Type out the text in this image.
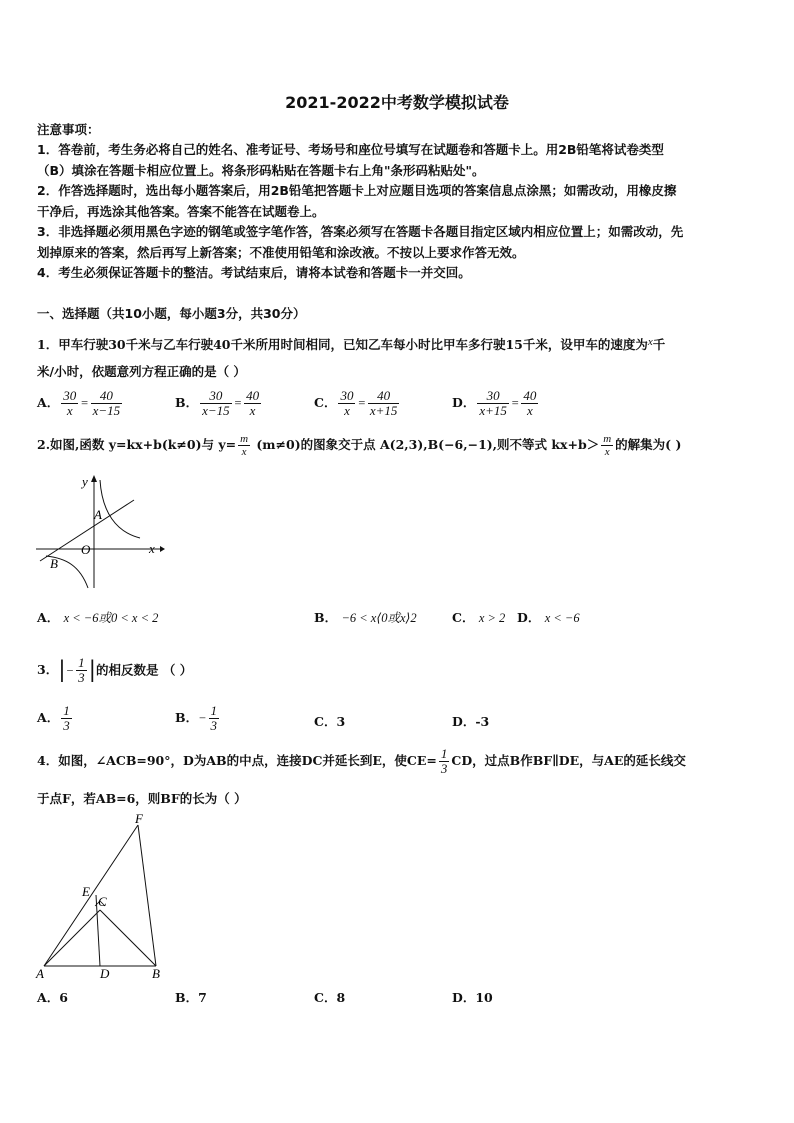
2021-2022中考数学模拟试卷
注意事项：
1．答卷前，考生务必将自己的姓名、准考证号、考场号和座位号填写在试题卷和答题卡上。用2B铅笔将试卷类型
（B）填涂在答题卡相应位置上。将条形码粘贴在答题卡右上角"条形码粘贴处"。
2．作答选择题时，选出每小题答案后，用2B铅笔把答题卡上对应题目选项的答案信息点涂黑；如需改动，用橡皮擦
干净后，再选涂其他答案。答案不能答在试题卷上。
3．非选择题必须用黑色字迹的钢笔或签字笔作答，答案必须写在答题卡各题目指定区域内相应位置上；如需改动，先
划掉原来的答案，然后再写上新答案；不准使用铅笔和涂改液。不按以上要求作答无效。
4．考生必须保证答题卡的整洁。考试结束后，请将本试卷和答题卡一并交回。
一、选择题（共10小题，每小题3分，共30分）
1．甲车行驶30千米与乙车行驶40千米所用时间相同，已知乙车每小时比甲车多行驶15千米，设甲车的速度为x千
米/小时，依题意列方程正确的是（ ）
A． $\frac{30}{x} = \frac{40}{x-15}$	B． $\frac{30}{x-15} = \frac{40}{x}$	C． $\frac{30}{x} = \frac{40}{x+15}$	D． $\frac{30}{x+15} = \frac{40}{x}$
2.如图,函数 y=kx+b(k≠0)与 $y= \frac{m}{x} (m\ne 0)$的图象交于点 A(2,3),B(−6,−1),则不等式 $kx+b> \frac{m}{x}$ 的解集为( )
y
x
O
A
B
A． x < −6或0 < x < 2	B． −6 < x⟨0或x⟩2	C． x > 2 D． x < −6
3．|− $\frac{1}{3}$ |的相反数是 （ ）
A． $\frac{1}{3}$	B．− $\frac{1}{3}$	C．3	D．-3
4．如图，∠ACB=90°，D为AB的中点，连接DC并延长到E，使$CE= \frac{1}{3}$ CD，过点B作BF∥DE，与AE的延长线交
于点F，若AB=6，则BF的长为（ ）
F
E
C
A	D	B
A．6	B．7	C．8	D．10
